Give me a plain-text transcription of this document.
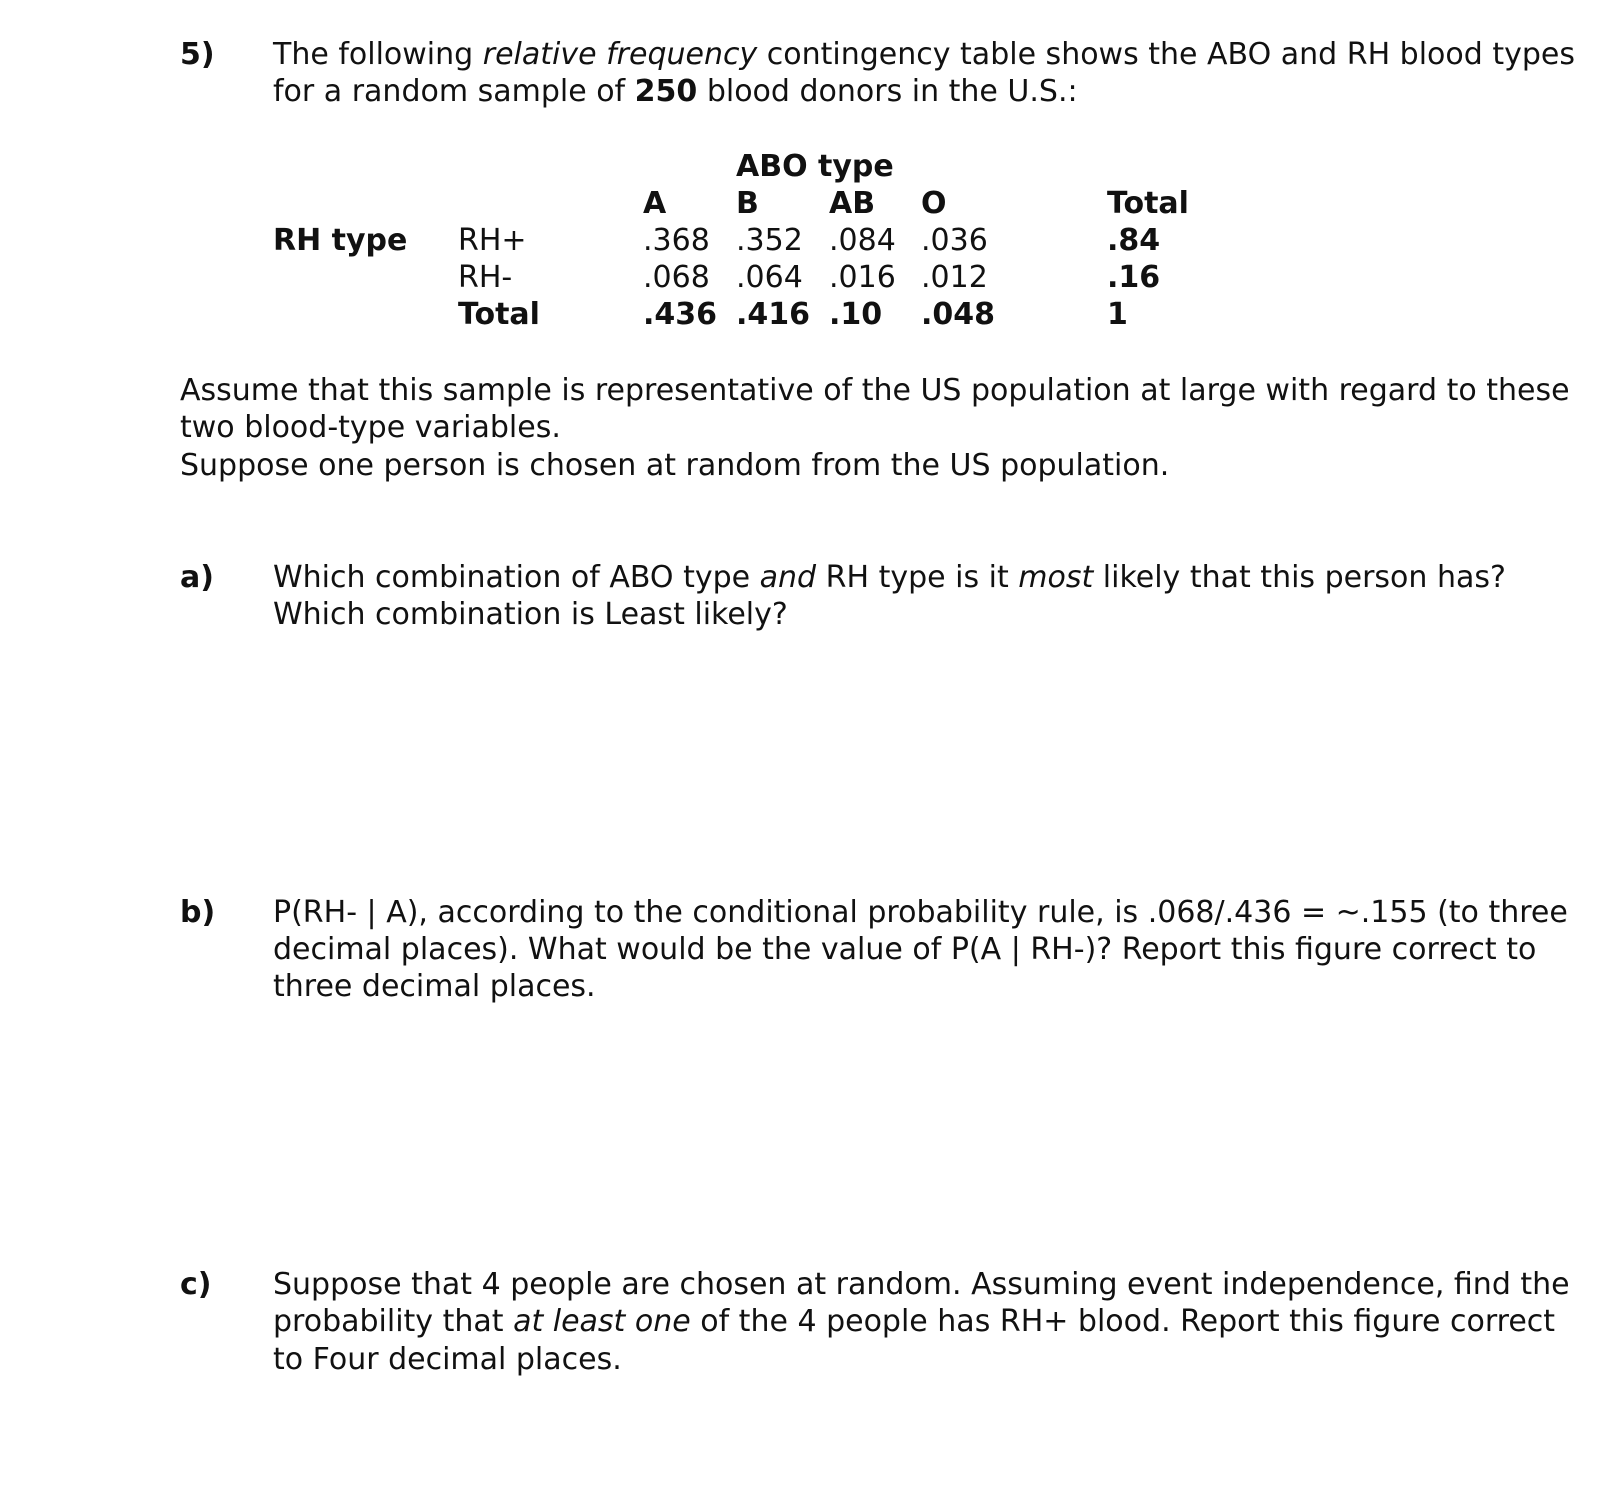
5) The following relative frequency contingency table shows the ABO and RH blood types
for a random sample of 250 blood donors in the U.S.:
ABO type
A B AB O	Total
RH type RH+	.368 .352 .084 .036	.84
RH-	.068 .064 .016 .012	.16
Total	.436 .416 .10 .048	1
Assume that this sample is representative of the US population at large with regard to these
two blood-type variables.
Suppose one person is chosen at random from the US population.
a) Which combination of ABO type and RH type is it most likely that this person has?
Which combination is Least likely?
b) P(RH- | A), according to the conditional probability rule, is .068/.436 = ~.155 (to three
decimal places). What would be the value of P(A | RH-)? Report this figure correct to
three decimal places.
c) Suppose that 4 people are chosen at random. Assuming event independence, find the
probability that at least one of the 4 people has RH+ blood. Report this figure correct
to Four decimal places.
